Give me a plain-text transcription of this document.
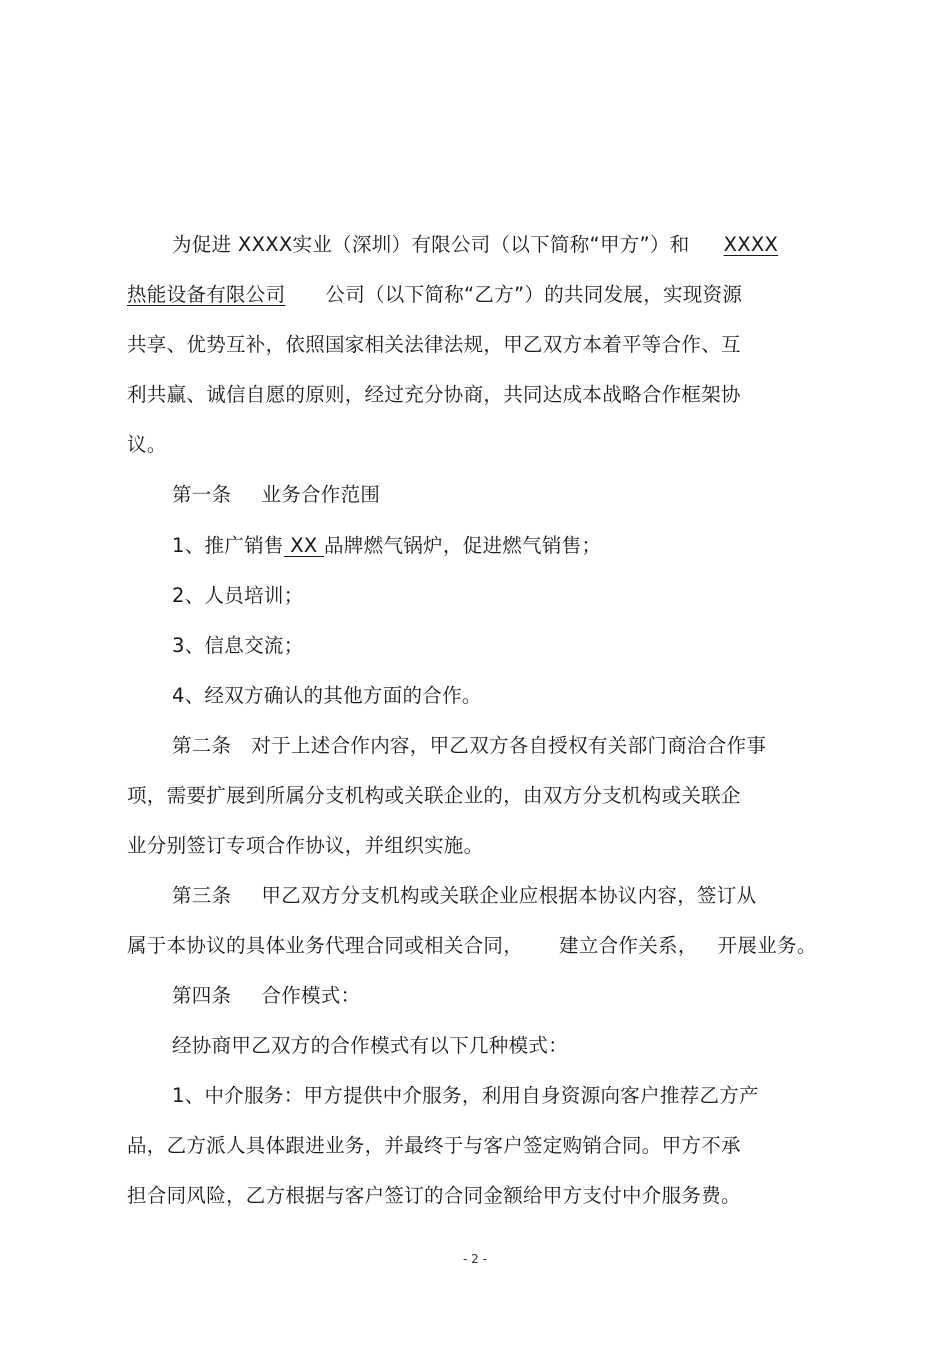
为促进 XXXX实业（深圳）有限公司（以下简称“甲方”）和 XXXX
热能设备有限公司 公司（以下简称“乙方”）的共同发展，实现资源
共享、优势互补，依照国家相关法律法规，甲乙双方本着平等合作、互
利共赢、诚信自愿的原则，经过充分协商，共同达成本战略合作框架协
议。
第一条 业务合作范围
1、推广销售 XX 品牌燃气锅炉，促进燃气销售；
2、人员培训；
3、信息交流；
4、经双方确认的其他方面的合作。
第二条 对于上述合作内容，甲乙双方各自授权有关部门商洽合作事
项，需要扩展到所属分支机构或关联企业的，由双方分支机构或关联企
业分别签订专项合作协议，并组织实施。
第三条 甲乙双方分支机构或关联企业应根据本协议内容，签订从
属于本协议的具体业务代理合同或相关合同， 建立合作关系， 开展业务。
第四条 合作模式：
经协商甲乙双方的合作模式有以下几种模式：
1、中介服务：甲方提供中介服务，利用自身资源向客户推荐乙方产
品，乙方派人具体跟进业务，并最终于与客户签定购销合同。甲方不承
担合同风险，乙方根据与客户签订的合同金额给甲方支付中介服务费。
- 2 -
